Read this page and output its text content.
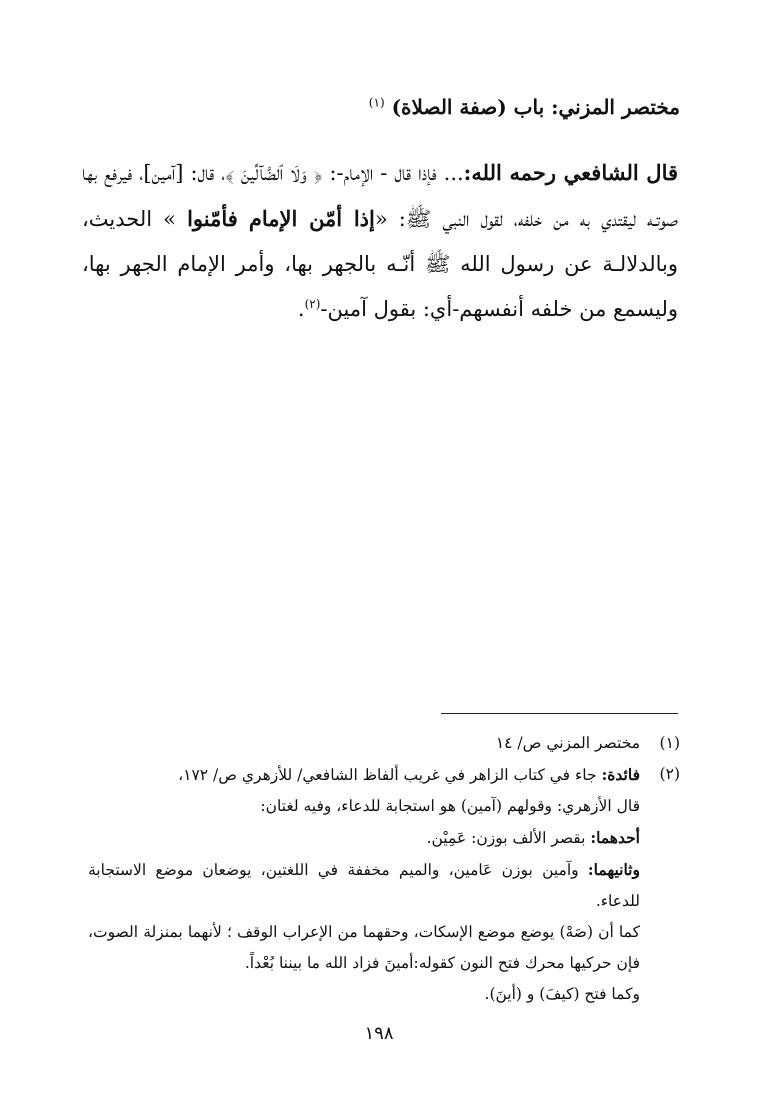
مختصر المزني: باب (صفة الصلاة) $^{(١)}$
قال الشافعي رحمه الله:... فإذا قال - الإمام-: ﴿ وَلَا ٱلضَّآلِّينَ ﴾، قال: [آمين]، فيرفع بها صوتـه ليقتدي به من خلفه، لقول النبي ﷺ: «إذا أمّن الإمام فأمّنوا » الحديث، وبالدلالـة عن رسول الله ﷺ أنّـه بالجهر بها، وأمر الإمام الجهر بها، وليسمع من خلفه أنفسهم-أي: بقول آمين-$^{(٢)}$.
(١)
مختصر المزني ص/ ١٤
(٢)
فائدة: جاء في كتاب الزاهر في غريب ألفاظ الشافعي/ للأزهري ص/ ١٧٢،
قال الأزهري: وقولهم (آمين) هو استجابة للدعاء، وفيه لغتان:
أحدهما: بقصر الألف بوزن: عَمِيْن.
وثانيهما: وآمين بوزن عَامين، والميم مخففة في اللغتين، يوضعان موضع الاستجابة للدعاء.
كما أن (صَهْ) يوضع موضع الإسكات، وحقهما من الإعراب الوقف ؛ لأنهما بمنزلة الصوت، فإن حركيها محرك فتح النون كقوله:أمينَ فزاد الله ما بيننا بُعْداً.
وكما فتح (كيفَ) و (أينَ).
١٩٨
